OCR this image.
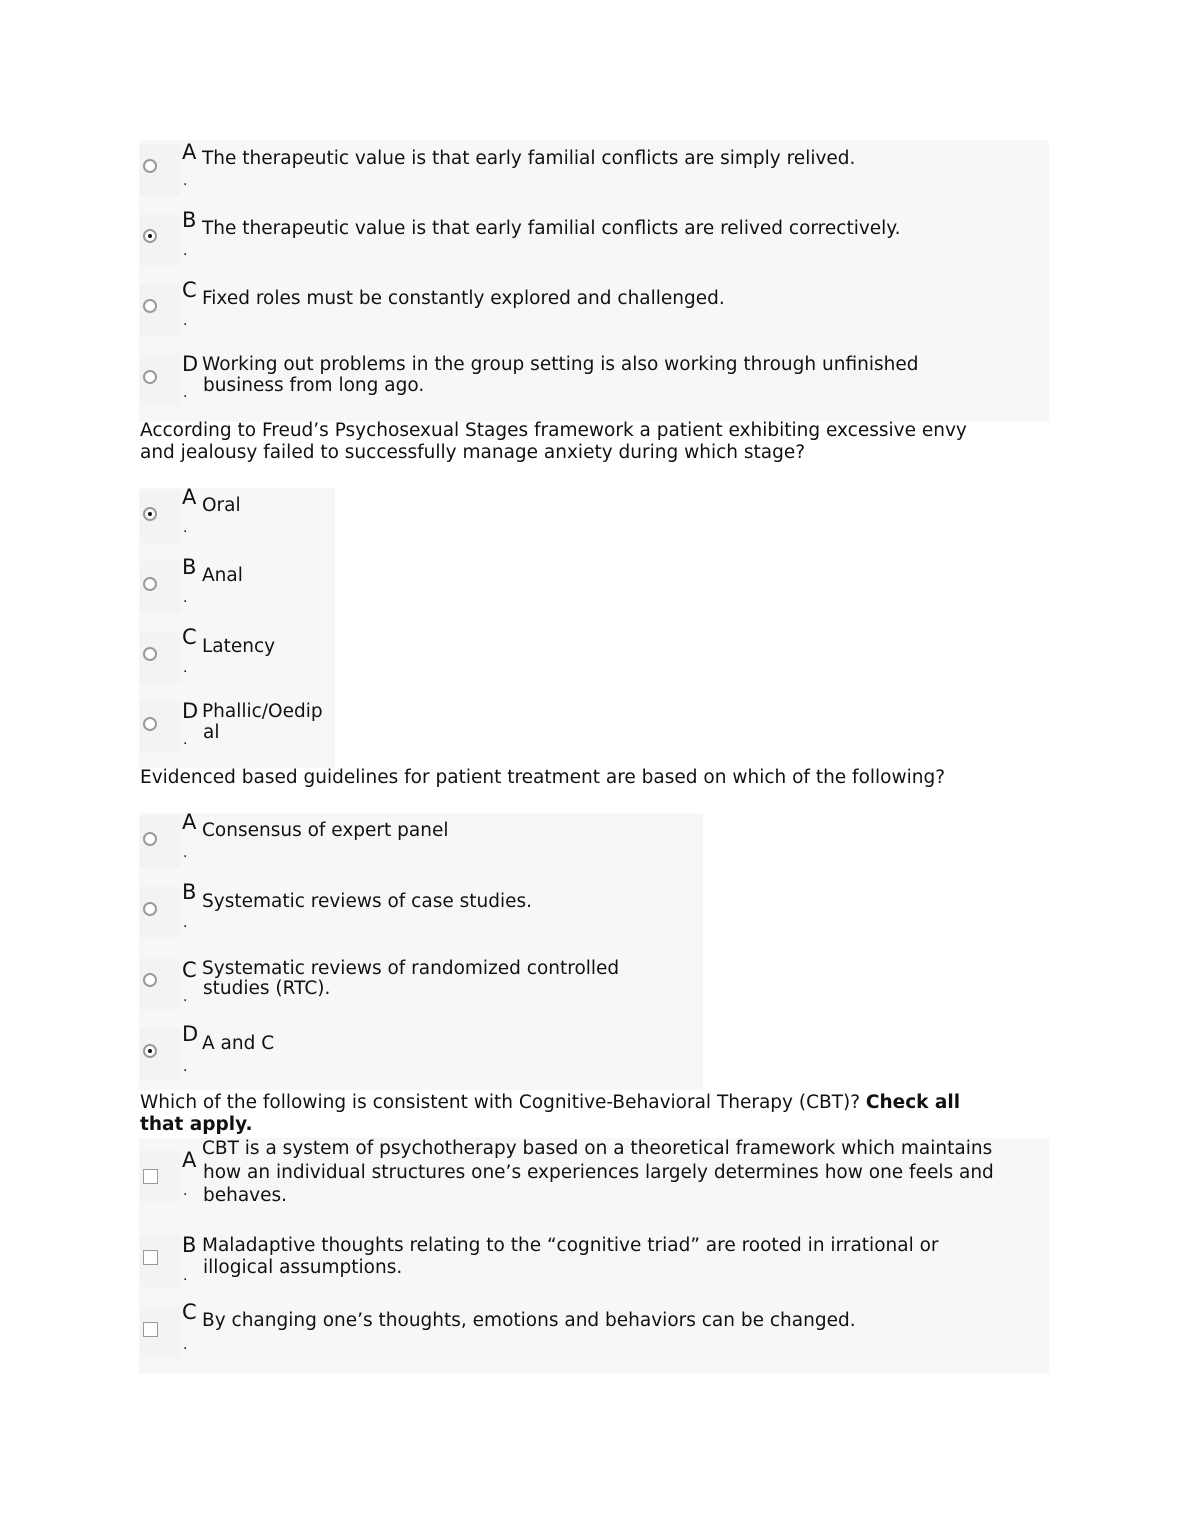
A
.
The therapeutic value is that early familial conflicts are simply relived.
B
.
The therapeutic value is that early familial conflicts are relived correctively.
C
.
Fixed roles must be constantly explored and challenged.
D
.
Working out problems in the group setting is also working through unfinished
business from long ago.
According to Freud’s Psychosexual Stages framework a patient exhibiting excessive envy
and jealousy failed to successfully manage anxiety during which stage?
A
.
Oral
B
.
Anal
C
.
Latency
D
.
Phallic/Oedip
al
Evidenced based guidelines for patient treatment are based on which of the following?
A
.
Consensus of expert panel
B
.
Systematic reviews of case studies.
C
.
Systematic reviews of randomized controlled
studies (RTC).
D
.
A and C
Which of the following is consistent with Cognitive-Behavioral Therapy (CBT)? Check all
that apply.
A
.
CBT is a system of psychotherapy based on a theoretical framework which maintains
how an individual structures one’s experiences largely determines how one feels and
behaves.
B
.
Maladaptive thoughts relating to the “cognitive triad” are rooted in irrational or
illogical assumptions.
C
.
By changing one’s thoughts, emotions and behaviors can be changed.
